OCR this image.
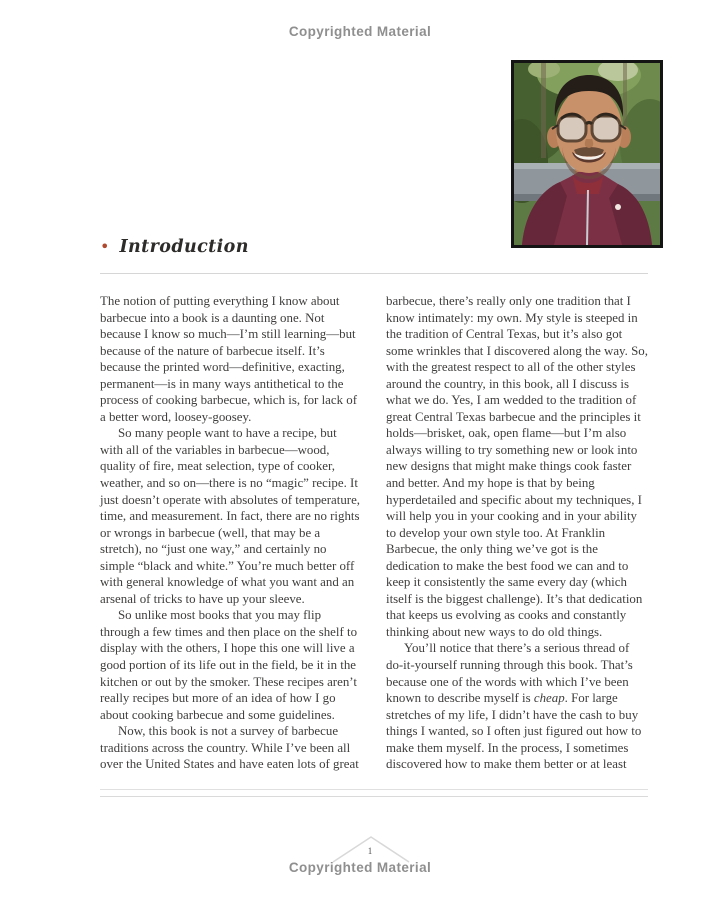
Copyrighted Material
• Introduction

The notion of putting everything I know about barbecue into a book is a daunting one. Not because I know so much—I’m still learning—but because of the nature of barbecue itself. It’s because the printed word—definitive, exacting, permanent—is in many ways antithetical to the process of cooking barbecue, which is, for lack of a better word, loosey-goosey.

So many people want to have a recipe, but with all of the variables in barbecue—wood, quality of fire, meat selection, type of cooker, weather, and so on—there is no “magic” recipe. It just doesn’t operate with absolutes of temperature, time, and measurement. In fact, there are no rights or wrongs in barbecue (well, that may be a stretch), no “just one way,” and certainly no simple “black and white.” You’re much better off with general knowledge of what you want and an arsenal of tricks to have up your sleeve.

So unlike most books that you may flip through a few times and then place on the shelf to display with the others, I hope this one will live a good portion of its life out in the field, be it in the kitchen or out by the smoker. These recipes aren’t really recipes but more of an idea of how I go about cooking barbecue and some guidelines.

Now, this book is not a survey of barbecue traditions across the country. While I’ve been all over the United States and have eaten lots of great

barbecue, there’s really only one tradition that I know intimately: my own. My style is steeped in the tradition of Central Texas, but it’s also got some wrinkles that I discovered along the way. So, with the greatest respect to all of the other styles around the country, in this book, all I discuss is what we do. Yes, I am wedded to the tradition of great Central Texas barbecue and the principles it holds—brisket, oak, open flame—but I’m also always willing to try something new or look into new designs that might make things cook faster and better. And my hope is that by being hyperdetailed and specific about my techniques, I will help you in your cooking and in your ability to develop your own style too. At Franklin Barbecue, the only thing we’ve got is the dedication to make the best food we can and to keep it consistently the same every day (which itself is the biggest challenge). It’s that dedication that keeps us evolving as cooks and constantly thinking about new ways to do old things.

You’ll notice that there’s a serious thread of do-it-yourself running through this book. That’s because one of the words with which I’ve been known to describe myself is cheap. For large stretches of my life, I didn’t have the cash to buy things I wanted, so I often just figured out how to make them myself. In the process, I sometimes discovered how to make them better or at least

1
Copyrighted Material
